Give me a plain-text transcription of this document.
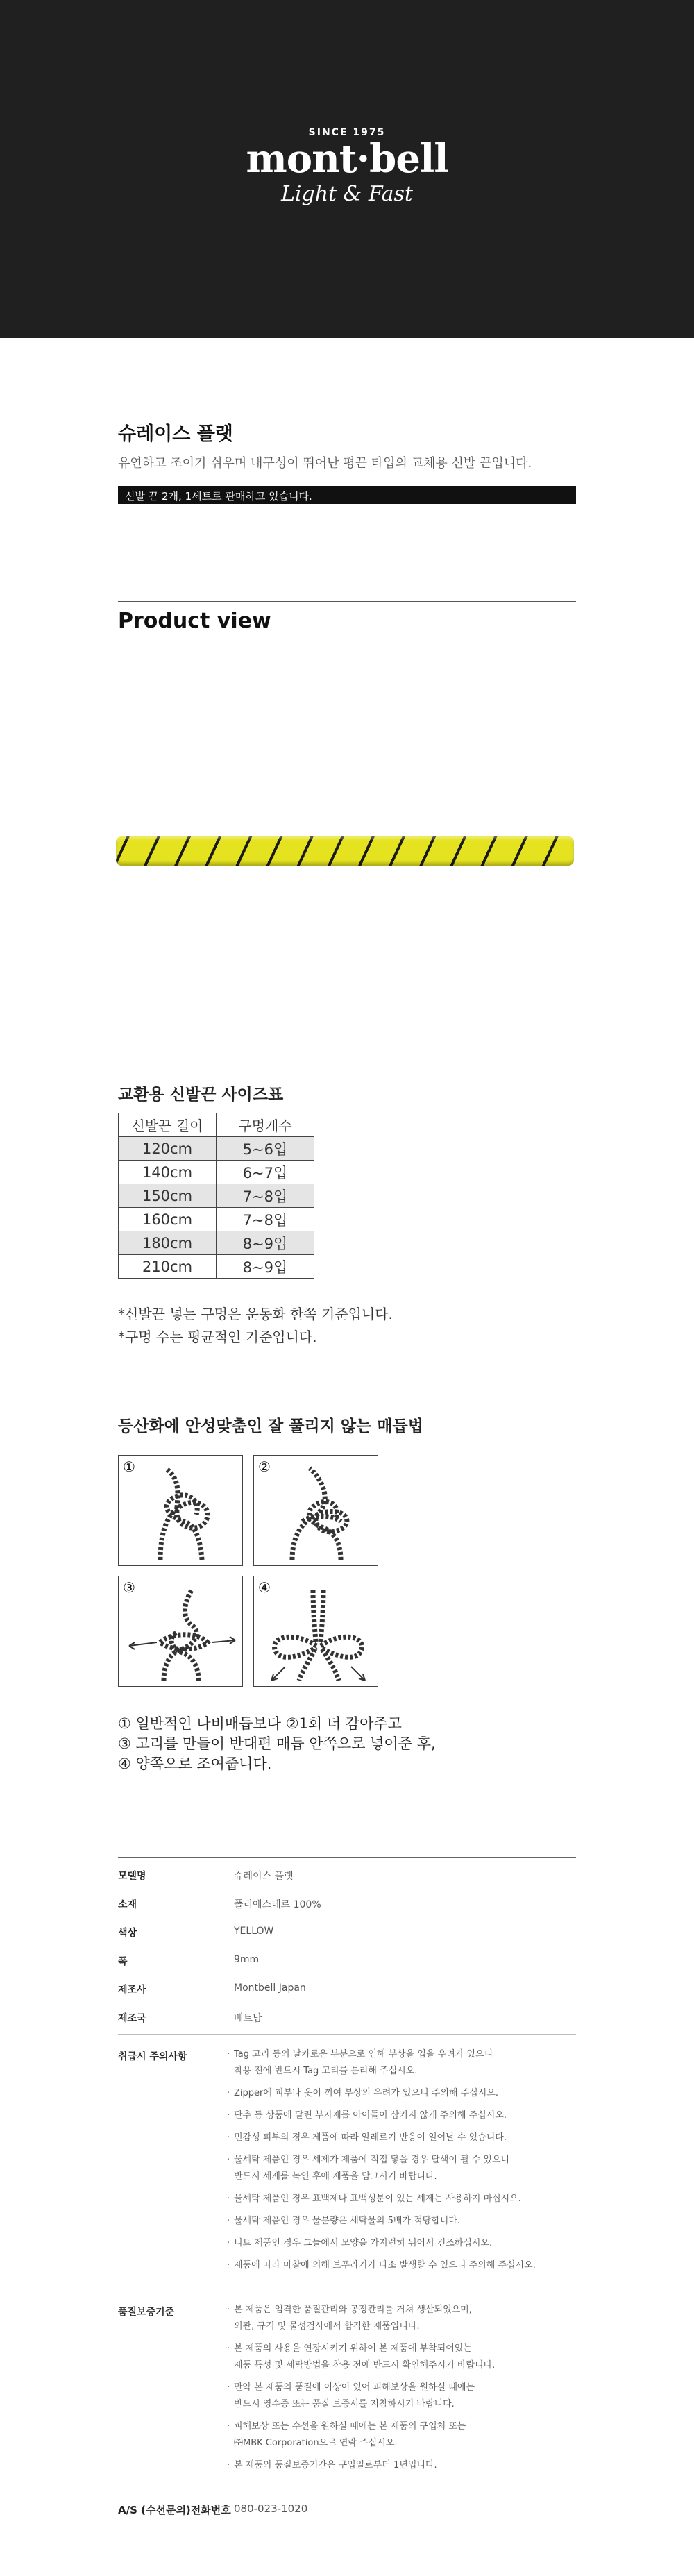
SINCE 1975
mont·bell
Light & Fast
슈레이스 플랫
유연하고 조이기 쉬우며 내구성이 뛰어난 평끈 타입의 교체용 신발 끈입니다.
신발 끈 2개, 1세트로 판매하고 있습니다.
Product view
교환용 신발끈 사이즈표
신발끈 길이	구멍개수
120cm	5~6입
140cm	6~7입
150cm	7~8입
160cm	7~8입
180cm	8~9입
210cm	8~9입
*신발끈 넣는 구멍은 운동화 한쪽 기준입니다.
*구멍 수는 평균적인 기준입니다.
등산화에 안성맞춤인 잘 풀리지 않는 매듭법
①	②
③	④
① 일반적인 나비매듭보다 ②1회 더 감아주고
③ 고리를 만들어 반대편 매듭 안쪽으로 넣어준 후,
④ 양쪽으로 조여줍니다.
모델명	슈레이스 플랫
소재	폴리에스테르 100%
색상	YELLOW
폭	9mm
제조사	Montbell Japan
제조국	베트남
취급시 주의사항	· Tag 고리 등의 날카로운 부분으로 인해 부상을 입을 우려가 있으니
착용 전에 반드시 Tag 고리를 분리해 주십시오.
· Zipper에 피부나 옷이 끼여 부상의 우려가 있으니 주의해 주십시오.
· 단추 등 상품에 달린 부자재를 아이들이 삼키지 않게 주의해 주십시오.
· 민감성 피부의 경우 제품에 따라 알레르기 반응이 일어날 수 있습니다.
· 물세탁 제품인 경우 세제가 제품에 직접 닿을 경우 탈색이 될 수 있으니
반드시 세제를 녹인 후에 제품을 담그시기 바랍니다.
· 물세탁 제품인 경우 표백제나 표백성분이 있는 세제는 사용하지 마십시오.
· 물세탁 제품인 경우 물분량은 세탁물의 5배가 적당합니다.
· 니트 제품인 경우 그늘에서 모양을 가지런히 뉘어서 건조하십시오.
· 제품에 따라 마찰에 의해 보푸라기가 다소 발생할 수 있으니 주의해 주십시오.
품질보증기준	· 본 제품은 엄격한 품질관리와 공정관리를 거쳐 생산되었으며,
외관, 규격 및 물성검사에서 합격한 제품입니다.
· 본 제품의 사용을 연장시키기 위하여 본 제품에 부착되어있는
제품 특성 및 세탁방법을 착용 전에 반드시 확인해주시기 바랍니다.
· 만약 본 제품의 품질에 이상이 있어 피해보상을 원하실 때에는
반드시 영수증 또는 품질 보증서를 지참하시기 바랍니다.
· 피해보상 또는 수선을 원하실 때에는 본 제품의 구입처 또는
㈜MBK Corporation으로 연락 주십시오.
· 본 제품의 품질보증기간은 구입일로부터 1년입니다.
A/S (수선문의)전화번호 080-023-1020
